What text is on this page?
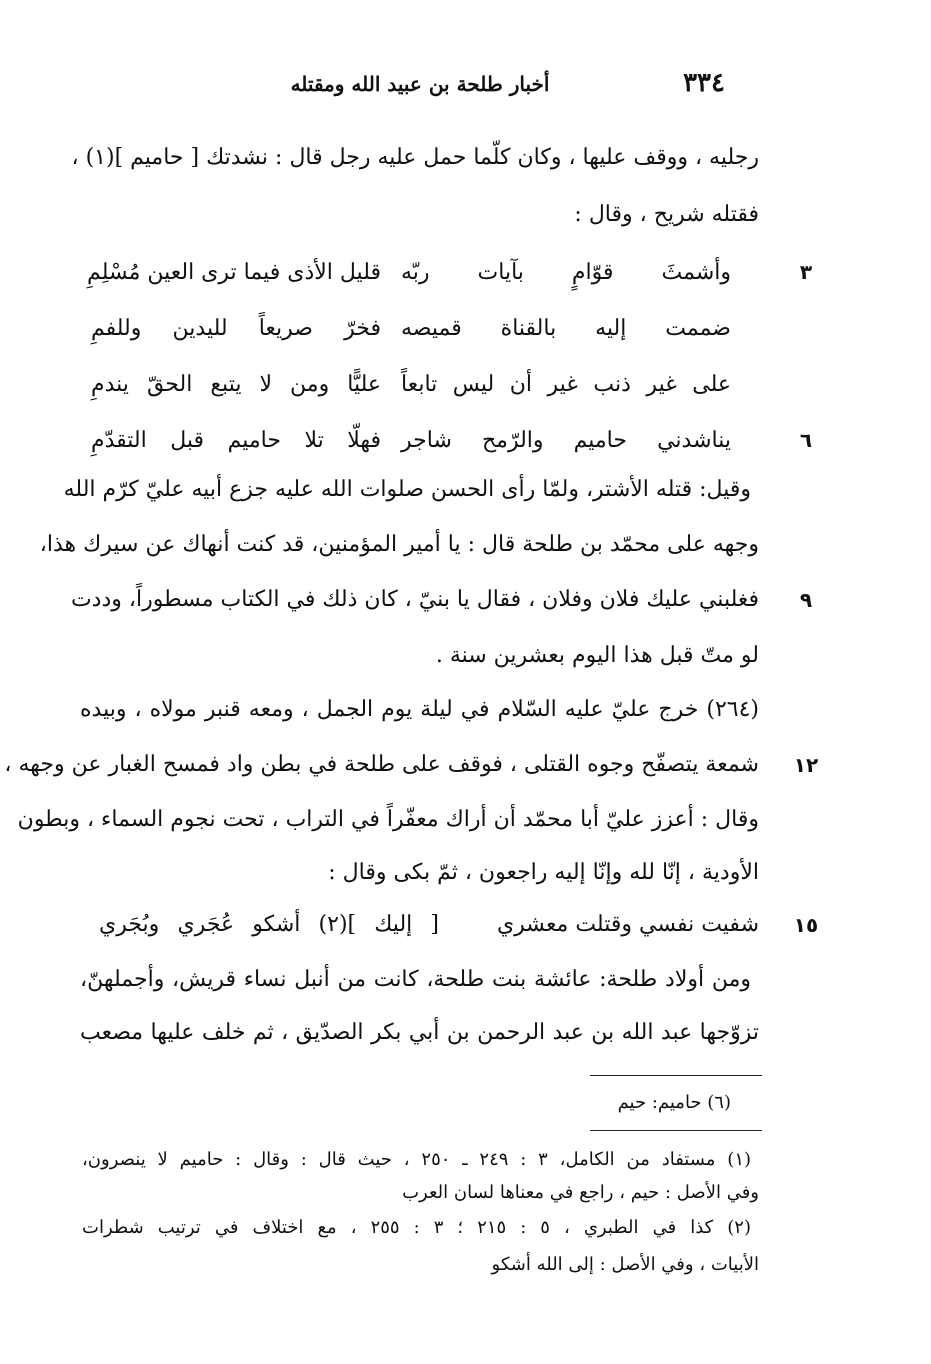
٣٣٤
أخبار طلحة بن عبيد الله ومقتله
رجليه ، ووقف عليها ، وكان كلّما حمل عليه رجل قال : نشدتك [ حاميم ](١) ،
فقتله شريح ، وقال :
٣
وأشمثَ قوّامٍ بآيات ربّه
قليل الأذى فيما ترى العين مُسْلِمِ
ضممت إليه بالقناة قميصه
فخرّ صريعاً لليدين وللفمِ
على غير ذنب غير أن ليس تابعاً
عليًّا ومن لا يتبع الحقّ يندمِ
٦
يناشدني حاميم والرّمح شاجر
فهلّا تلا حاميم قبل التقدّمِ
وقيل: قتله الأشتر، ولمّا رأى الحسن صلوات الله عليه جزع أبيه عليّ كرّم الله
وجهه على محمّد بن طلحة قال : يا أمير المؤمنين، قد كنت أنهاك عن سيرك هذا،
٩
فغلبني عليك فلان وفلان ، فقال يا بنيّ ، كان ذلك في الكتاب مسطوراً، وددت
لو متّ قبل هذا اليوم بعشرين سنة .
(٢٦٤) خرج عليّ عليه السّلام في ليلة يوم الجمل ، ومعه قنبر مولاه ، وبيده
١٢
شمعة يتصفّح وجوه القتلى ، فوقف على طلحة في بطن واد فمسح الغبار عن وجهه ،
وقال : أعزز عليّ أبا محمّد أن أراك معفّراً في التراب ، تحت نجوم السماء ، وبطون
الأودية ، إنّا لله وإنّا إليه راجعون ، ثمّ بكى وقال :
١٥
شفيت نفسي وقتلت معشري
[ إليك ](٢) أشكو عُجَري وبُجَري
ومن أولاد طلحة: عائشة بنت طلحة، كانت من أنبل نساء قريش، وأجملهنّ،
تزوّجها عبد الله بن عبد الرحمن بن أبي بكر الصدّيق ، ثم خلف عليها مصعب
(٦) حاميم: حيم
(١) مستفاد من الكامل، ٣ : ٢٤٩ ـ ٢٥٠ ، حيث قال : وقال : حاميم لا ينصرون،
وفي الأصل : حيم ، راجع في معناها لسان العرب
(٢) كذا في الطبري ، ٥ : ٢١٥ ؛ ٣ : ٢٥٥ ، مع اختلاف في ترتيب شطرات
الأبيات ، وفي الأصل : إلى الله أشكو
